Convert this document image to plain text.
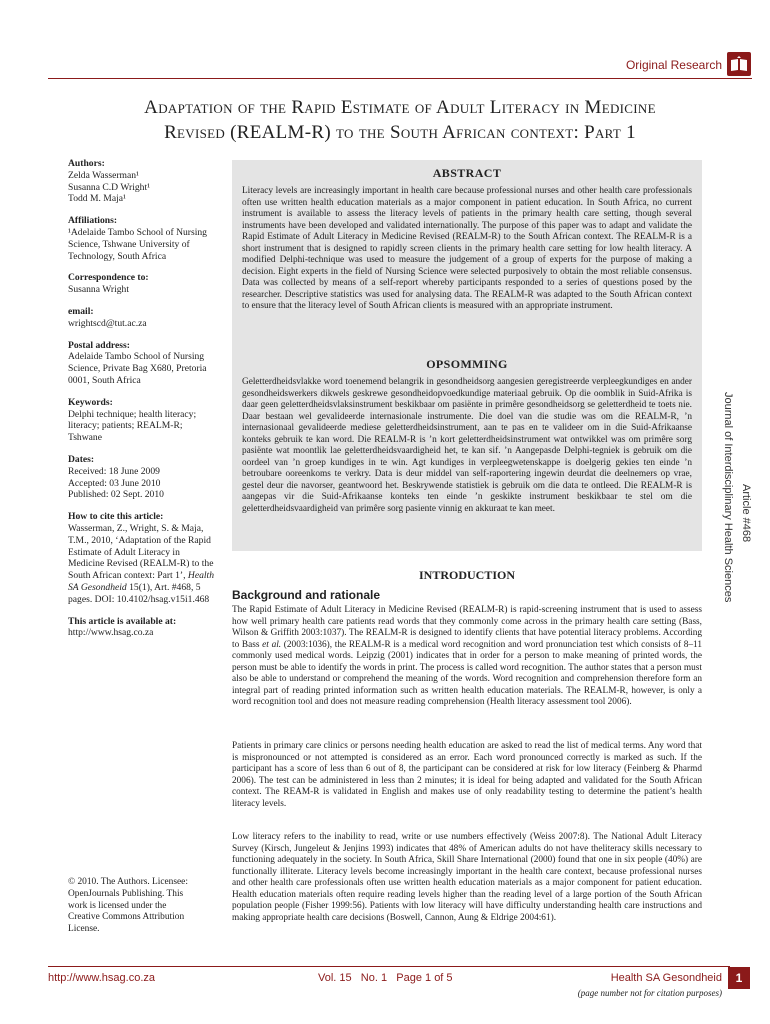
Original Research
Adaptation of the Rapid Estimate of Adult Literacy in Medicine
Revised (REALM-R) to the South African context: Part 1
Authors:
Zelda Wasserman¹
Susanna C.D Wright¹
Todd M. Maja¹
Affiliations:
¹Adelaide Tambo School of Nursing Science, Tshwane University of Technology, South Africa
Correspondence to:
Susanna Wright
email:
wrightscd@tut.ac.za
Postal address:
Adelaide Tambo School of Nursing Science, Private Bag X680, Pretoria 0001, South Africa
Keywords:
Delphi technique; health literacy; literacy; patients; REALM-R; Tshwane
Dates:
Received: 18 June 2009
Accepted: 03 June 2010
Published: 02 Sept. 2010
How to cite this article:
Wasserman, Z., Wright, S. & Maja, T.M., 2010, ‘Adaptation of the Rapid Estimate of Adult Literacy in Medicine Revised (REALM-R) to the South African context: Part 1’, Health SA Gesondheid 15(1), Art. #468, 5 pages. DOI: 10.4102/hsag.v15i1.468
This article is available at:
http://www.hsag.co.za
Journal of Interdisciplinary Health Sciences Article #468
ABSTRACT

Literacy levels are increasingly important in health care because professional nurses and other health care professionals often use written health education materials as a major component in patient education. In South Africa, no current instrument is available to assess the literacy levels of patients in the primary health care setting, though several instruments have been developed and validated internationally. The purpose of this paper was to adapt and validate the Rapid Estimate of Adult Literacy in Medicine Revised (REALM-R) to the South African context. The REALM-R is a short instrument that is designed to rapidly screen clients in the primary health care setting for low health literacy. A modified Delphi-technique was used to measure the judgement of a group of experts for the purpose of making a decision. Eight experts in the field of Nursing Science were selected purposively to obtain the most reliable consensus. Data was collected by means of a self-report whereby participants responded to a series of questions posed by the researcher. Descriptive statistics was used for analysing data. The REALM-R was adapted to the South African context to ensure that the literacy level of South African clients is measured with an appropriate instrument.

OPSOMMING

Geletterdheidsvlakke word toenemend belangrik in gesondheidsorg aangesien geregistreerde verpleegkundiges en ander gesondheidswerkers dikwels geskrewe gesondheidopvoedkundige materiaal gebruik. Op die oomblik in Suid-Afrika is daar geen geletterdheidsvlaksinstrument beskikbaar om pasiënte in primêre gesondheidsorg se geletterdheid te toets nie. Daar bestaan wel gevalideerde internasionale instrumente. Die doel van die studie was om die REALM-R, ’n internasionaal gevalideerde mediese geletterdheidsinstrument, aan te pas en te valideer om in die Suid-Afrikaanse konteks gebruik te kan word. Die REALM-R is ’n kort geletterdheidsinstrument wat ontwikkel was om primêre sorg pasiënte wat moontlik lae geletterdheidsvaardigheid het, te kan sif. ’n Aangepasde Delphi-tegniek is gebruik om die oordeel van ’n groep kundiges in te win. Agt kundiges in verpleegwetenskappe is doelgerig gekies ten einde ’n betroubare ooreenkoms te verkry. Data is deur middel van self-raportering ingewin deurdat die deelnemers op vrae, gestel deur die navorser, geantwoord het. Beskrywende statistiek is gebruik om die data te ontleed. Die REALM-R is aangepas vir die Suid-Afrikaanse konteks ten einde ’n geskikte instrument beskikbaar te stel om die geletterdheidsvaardigheid van primêre sorg pasiente vinnig en akkuraat te kan meet.

INTRODUCTION
Background and rationale

The Rapid Estimate of Adult Literacy in Medicine Revised (REALM-R) is rapid-screening instrument that is used to assess how well primary health care patients read words that they commonly come across in the primary health care setting (Bass, Wilson & Griffith 2003:1037). The REALM-R is designed to identify clients that have potential literacy problems. According to Bass et al. (2003:1036), the REALM-R is a medical word recognition and word pronunciation test which consists of 8–11 commonly used medical words. Leipzig (2001) indicates that in order for a person to make meaning of printed words, the person must be able to identify the words in print. The process is called word recognition. The author states that a person must also be able to understand or comprehend the meaning of the words. Word recognition and comprehension therefore form an integral part of reading printed information such as written health education materials. The REALM-R, however, is only a word recognition tool and does not measure reading comprehension (Health literacy assessment tool 2006).

Patients in primary care clinics or persons needing health education are asked to read the list of medical terms. Any word that is mispronounced or not attempted is considered as an error. Each word pronounced correctly is marked as such. If the participant has a score of less than 6 out of 8, the participant can be considered at risk for low literacy (Feinberg & Pharmd 2006). The test can be administered in less than 2 minutes; it is ideal for being adapted and validated for the South African context. The REAM-R is validated in English and makes use of only readability testing to determine the patient’s health literacy levels.

Low literacy refers to the inability to read, write or use numbers effectively (Weiss 2007:8). The National Adult Literacy Survey (Kirsch, Jungeleut & Jenjins 1993) indicates that 48% of American adults do not have theliteracy skills necessary to functioning adequately in the society. In South Africa, Skill Share International (2000) found that one in six people (40%) are functionally illiterate. Literacy levels become increasingly important in the health care context, because professional nurses and other health care professionals often use written health education materials as a major component for patient education. Health education materials often require reading levels higher than the reading level of a large portion of the South African population people (Fisher 1999:56). Patients with low literacy will have difficulty understanding health care instructions and making appropriate health care decisions (Boswell, Cannon, Aung & Eldrige 2004:61).

© 2010. The Authors. Licensee: OpenJournals Publishing. This work is licensed under the Creative Commons Attribution License.
http://www.hsag.co.za	Vol. 15   No. 1   Page 1 of 5	Health SA Gesondheid	1
(page number not for citation purposes)
